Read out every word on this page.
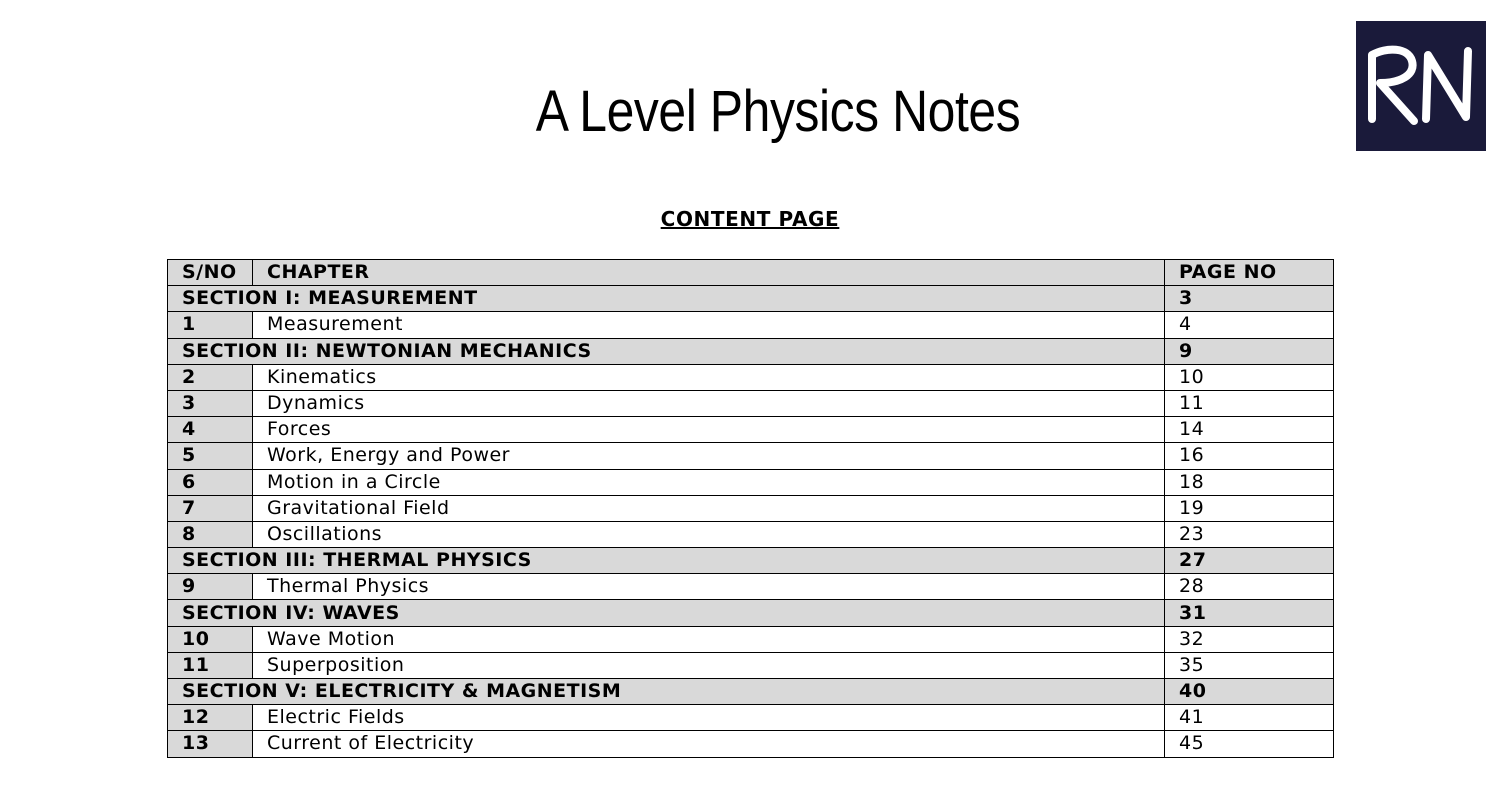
A Level Physics Notes
CONTENT PAGE
S/NO	CHAPTER	PAGE NO
SECTION I: MEASUREMENT		3
1	Measurement	4
SECTION II: NEWTONIAN MECHANICS		9
2	Kinematics	10
3	Dynamics	11
4	Forces	14
5	Work, Energy and Power	16
6	Motion in a Circle	18
7	Gravitational Field	19
8	Oscillations	23
SECTION III: THERMAL PHYSICS		27
9	Thermal Physics	28
SECTION IV: WAVES		31
10	Wave Motion	32
11	Superposition	35
SECTION V: ELECTRICITY & MAGNETISM		40
12	Electric Fields	41
13	Current of Electricity	45
